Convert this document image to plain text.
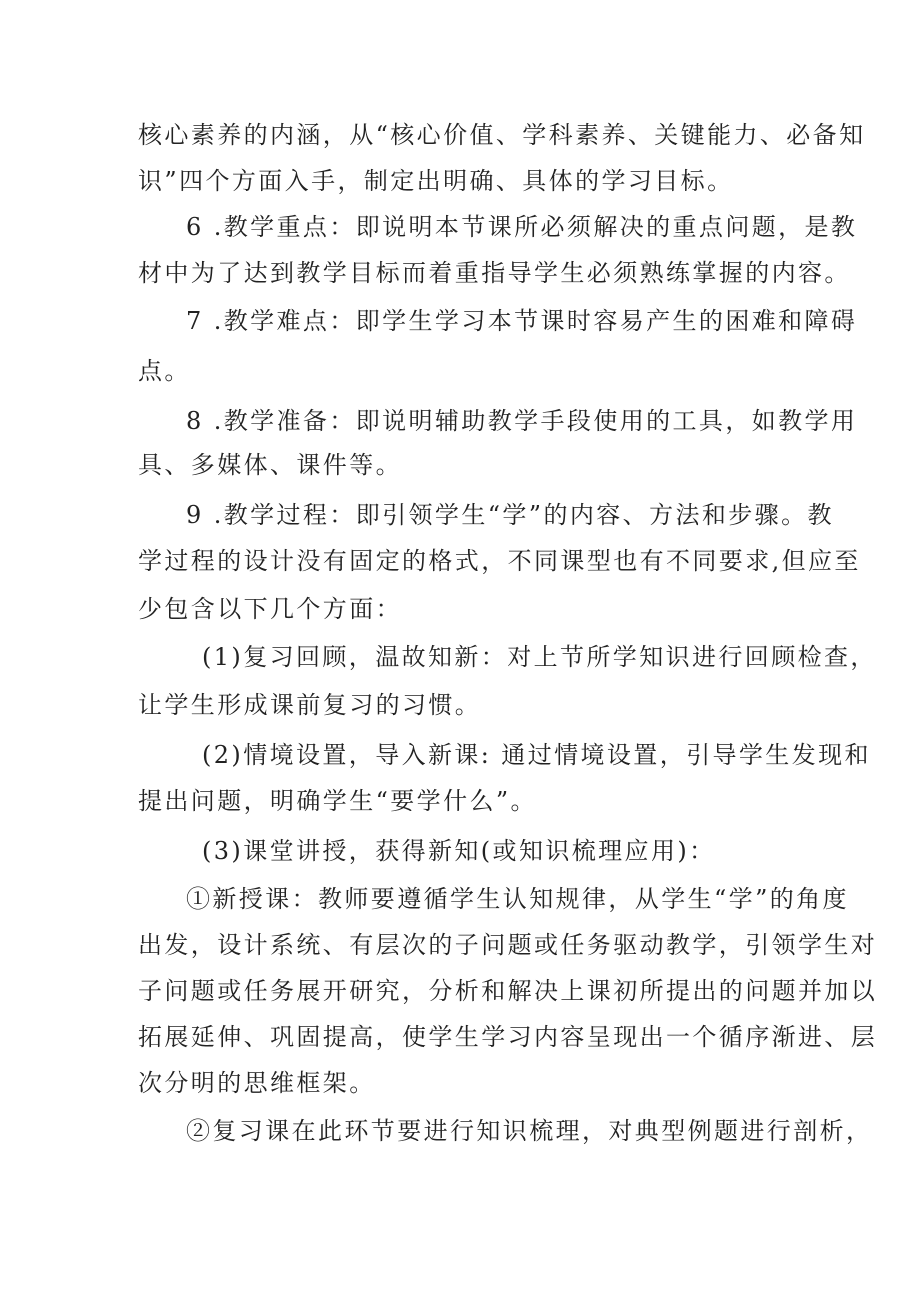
核心素养的内涵，从“核心价值、学科素养、关键能力、必备知
识”四个方面入手，制定出明确、具体的学习目标。
6 .教学重点：即说明本节课所必须解决的重点问题，是教
材中为了达到教学目标而着重指导学生必须熟练掌握的内容。
7 .教学难点：即学生学习本节课时容易产生的困难和障碍
点。
8 .教学准备：即说明辅助教学手段使用的工具，如教学用
具、多媒体、课件等。
9 .教学过程：即引领学生“学”的内容、方法和步骤。教
学过程的设计没有固定的格式，不同课型也有不同要求,但应至
少包含以下几个方面：
(1)复习回顾，温故知新：对上节所学知识进行回顾检查，
让学生形成课前复习的习惯。
(2)情境设置，导入新课: 通过情境设置，引导学生发现和
提出问题，明确学生“要学什么”。
(3)课堂讲授，获得新知(或知识梳理应用)：
①新授课：教师要遵循学生认知规律，从学生“学”的角度
出发，设计系统、有层次的子问题或任务驱动教学，引领学生对
子问题或任务展开研究，分析和解决上课初所提出的问题并加以
拓展延伸、巩固提高，使学生学习内容呈现出一个循序渐进、层
次分明的思维框架。
②复习课在此环节要进行知识梳理，对典型例题进行剖析，
